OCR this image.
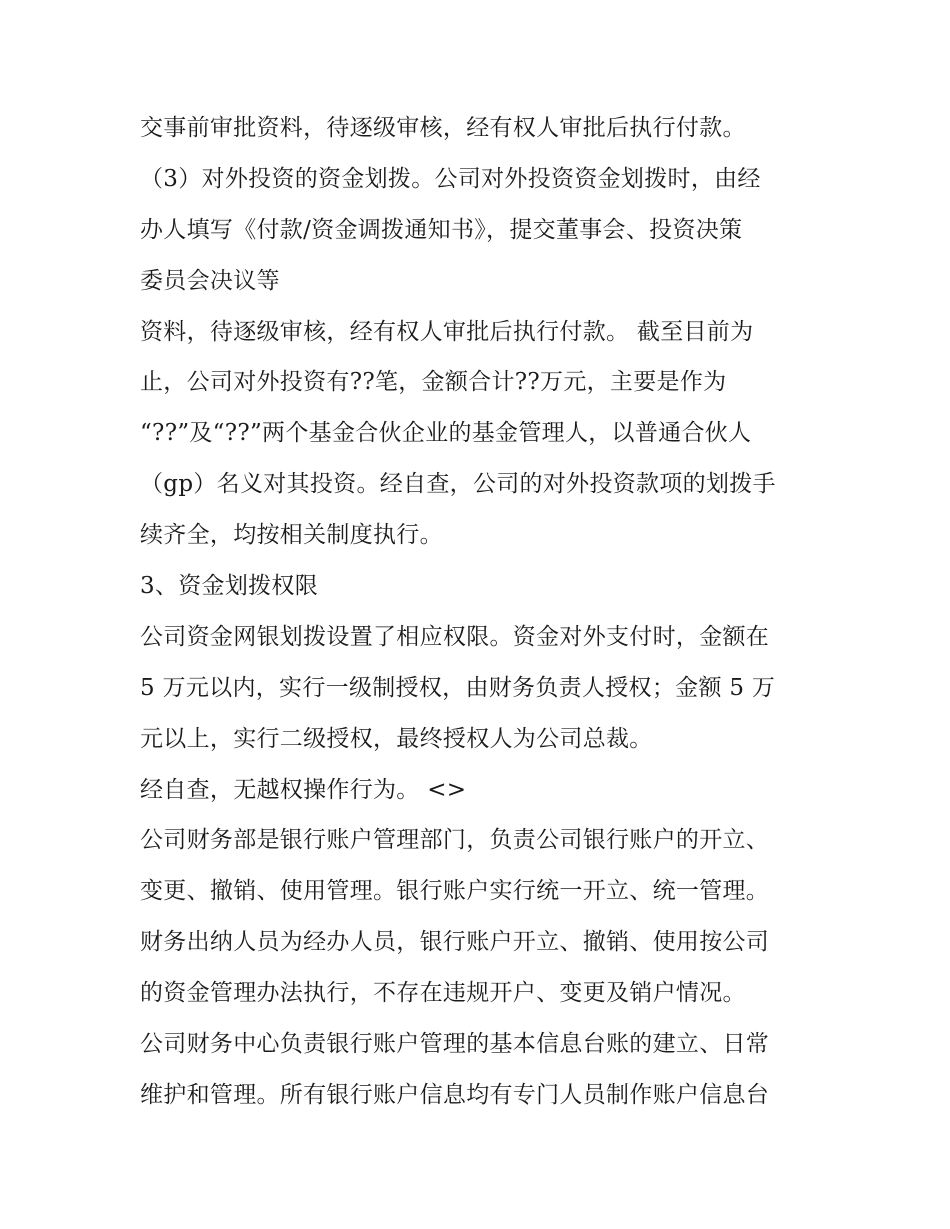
交事前审批资料，待逐级审核，经有权人审批后执行付款。
（3）对外投资的资金划拨。公司对外投资资金划拨时，由经
办人填写《付款/资金调拨通知书》，提交董事会、投资决策
委员会决议等
资料，待逐级审核，经有权人审批后执行付款。 截至目前为
止，公司对外投资有??笔，金额合计??万元，主要是作为
“??”及“??”两个基金合伙企业的基金管理人，以普通合伙人
（gp）名义对其投资。经自查，公司的对外投资款项的划拨手
续齐全，均按相关制度执行。
3、资金划拨权限
公司资金网银划拨设置了相应权限。资金对外支付时，金额在
5 万元以内，实行一级制授权，由财务负责人授权；金额 5 万
元以上，实行二级授权，最终授权人为公司总裁。
经自查，无越权操作行为。 <>
公司财务部是银行账户管理部门，负责公司银行账户的开立、
变更、撤销、使用管理。银行账户实行统一开立、统一管理。
财务出纳人员为经办人员，银行账户开立、撤销、使用按公司
的资金管理办法执行，不存在违规开户、变更及销户情况。
公司财务中心负责银行账户管理的基本信息台账的建立、日常
维护和管理。所有银行账户信息均有专门人员制作账户信息台
